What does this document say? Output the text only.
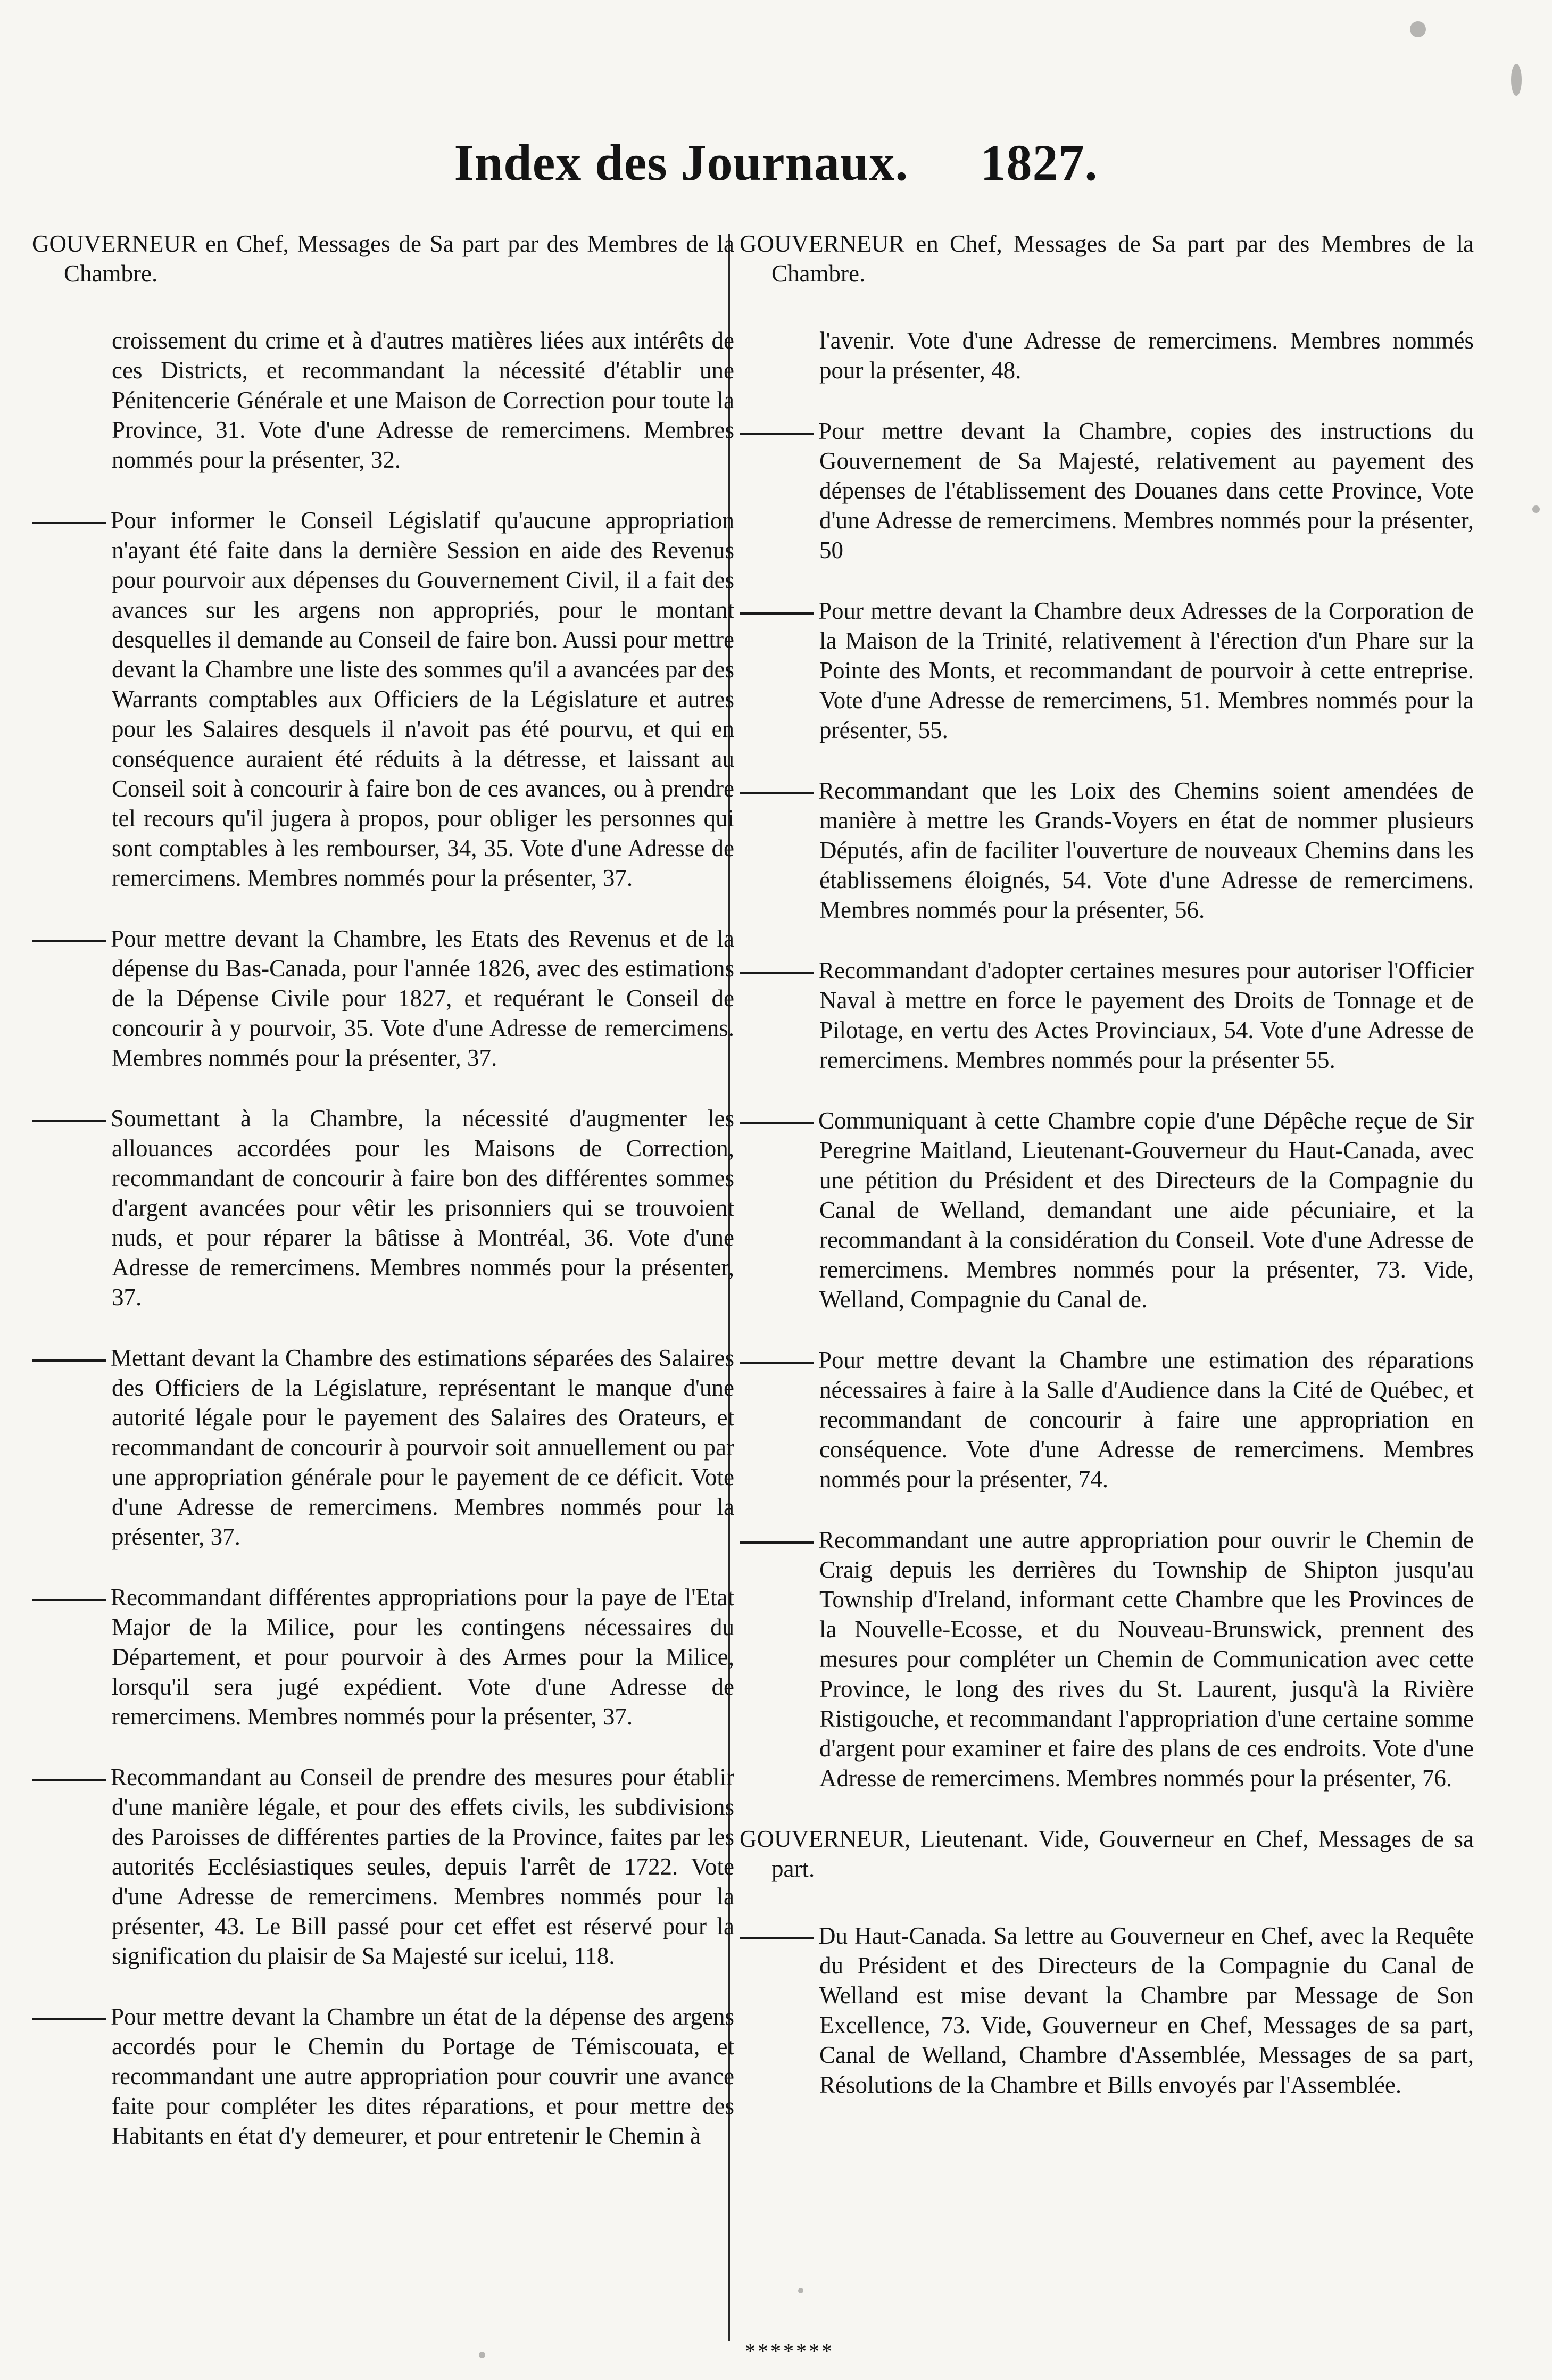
Index des Journaux. 1827.

GOUVERNEUR en Chef, Messages de Sa part par des Membres de la Chambre.

croissement du crime et à d'autres matières liées aux intérêts de ces Districts, et recommandant la nécessité d'établir une Pénitencerie Générale et une Maison de Correction pour toute la Province, 31. Vote d'une Adresse de remercimens. Membres nommés pour la présenter, 32.

Pour informer le Conseil Législatif qu'aucune appropriation n'ayant été faite dans la dernière Session en aide des Revenus pour pourvoir aux dépenses du Gouvernement Civil, il a fait des avances sur les argens non appropriés, pour le montant desquelles il demande au Conseil de faire bon. Aussi pour mettre devant la Chambre une liste des sommes qu'il a avancées par des Warrants comptables aux Officiers de la Législature et autres pour les Salaires desquels il n'avoit pas été pourvu, et qui en conséquence auraient été réduits à la détresse, et laissant au Conseil soit à concourir à faire bon de ces avances, ou à prendre tel recours qu'il jugera à propos, pour obliger les personnes qui sont comptables à les rembourser, 34, 35. Vote d'une Adresse de remercimens. Membres nommés pour la présenter, 37.

Pour mettre devant la Chambre, les Etats des Revenus et de la dépense du Bas-Canada, pour l'année 1826, avec des estimations de la Dépense Civile pour 1827, et requérant le Conseil de concourir à y pourvoir, 35. Vote d'une Adresse de remercimens. Membres nommés pour la présenter, 37.

Soumettant à la Chambre, la nécessité d'augmenter les allouances accordées pour les Maisons de Correction, recommandant de concourir à faire bon des différentes sommes d'argent avancées pour vêtir les prisonniers qui se trouvoient nuds, et pour réparer la bâtisse à Montréal, 36. Vote d'une Adresse de remercimens. Membres nommés pour la présenter, 37.

Mettant devant la Chambre des estimations séparées des Salaires des Officiers de la Législature, représentant le manque d'une autorité légale pour le payement des Salaires des Orateurs, et recommandant de concourir à pourvoir soit annuellement ou par une appropriation générale pour le payement de ce déficit. Vote d'une Adresse de remercimens. Membres nommés pour la présenter, 37.

Recommandant différentes appropriations pour la paye de l'Etat Major de la Milice, pour les contingens nécessaires du Département, et pour pourvoir à des Armes pour la Milice, lorsqu'il sera jugé expédient. Vote d'une Adresse de remercimens. Membres nommés pour la présenter, 37.

Recommandant au Conseil de prendre des mesures pour établir d'une manière légale, et pour des effets civils, les subdivisions des Paroisses de différentes parties de la Province, faites par les autorités Ecclésiastiques seules, depuis l'arrêt de 1722. Vote d'une Adresse de remercimens. Membres nommés pour la présenter, 43. Le Bill passé pour cet effet est réservé pour la signification du plaisir de Sa Majesté sur icelui, 118.

Pour mettre devant la Chambre un état de la dépense des argens accordés pour le Chemin du Portage de Témiscouata, et recommandant une autre appropriation pour couvrir une avance faite pour compléter les dites réparations, et pour mettre des Habitants en état d'y demeurer, et pour entretenir le Chemin à

GOUVERNEUR en Chef, Messages de Sa part par des Membres de la Chambre.

l'avenir. Vote d'une Adresse de remercimens. Membres nommés pour la présenter, 48.

Pour mettre devant la Chambre, copies des instructions du Gouvernement de Sa Majesté, relativement au payement des dépenses de l'établissement des Douanes dans cette Province, Vote d'une Adresse de remercimens. Membres nommés pour la présenter, 50

Pour mettre devant la Chambre deux Adresses de la Corporation de la Maison de la Trinité, relativement à l'érection d'un Phare sur la Pointe des Monts, et recommandant de pourvoir à cette entreprise. Vote d'une Adresse de remercimens, 51. Membres nommés pour la présenter, 55.

Recommandant que les Loix des Chemins soient amendées de manière à mettre les Grands-Voyers en état de nommer plusieurs Députés, afin de faciliter l'ouverture de nouveaux Chemins dans les établissemens éloignés, 54. Vote d'une Adresse de remercimens. Membres nommés pour la présenter, 56.

Recommandant d'adopter certaines mesures pour autoriser l'Officier Naval à mettre en force le payement des Droits de Tonnage et de Pilotage, en vertu des Actes Provinciaux, 54. Vote d'une Adresse de remercimens. Membres nommés pour la présenter 55.

Communiquant à cette Chambre copie d'une Dépêche reçue de Sir Peregrine Maitland, Lieutenant-Gouverneur du Haut-Canada, avec une pétition du Président et des Directeurs de la Compagnie du Canal de Welland, demandant une aide pécuniaire, et la recommandant à la considération du Conseil. Vote d'une Adresse de remercimens. Membres nommés pour la présenter, 73. Vide, Welland, Compagnie du Canal de.

Pour mettre devant la Chambre une estimation des réparations nécessaires à faire à la Salle d'Audience dans la Cité de Québec, et recommandant de concourir à faire une appropriation en conséquence. Vote d'une Adresse de remercimens. Membres nommés pour la présenter, 74.

Recommandant une autre appropriation pour ouvrir le Chemin de Craig depuis les derrières du Township de Shipton jusqu'au Township d'Ireland, informant cette Chambre que les Provinces de la Nouvelle-Ecosse, et du Nouveau-Brunswick, prennent des mesures pour compléter un Chemin de Communication avec cette Province, le long des rives du St. Laurent, jusqu'à la Rivière Ristigouche, et recommandant l'appropriation d'une certaine somme d'argent pour examiner et faire des plans de ces endroits. Vote d'une Adresse de remercimens. Membres nommés pour la présenter, 76.

GOUVERNEUR, Lieutenant. Vide, Gouverneur en Chef, Messages de sa part.

Du Haut-Canada. Sa lettre au Gouverneur en Chef, avec la Requête du Président et des Directeurs de la Compagnie du Canal de Welland est mise devant la Chambre par Message de Son Excellence, 73. Vide, Gouverneur en Chef, Messages de sa part, Canal de Welland, Chambre d'Assemblée, Messages de sa part, Résolutions de la Chambre et Bills envoyés par l'Assemblée.

*******
